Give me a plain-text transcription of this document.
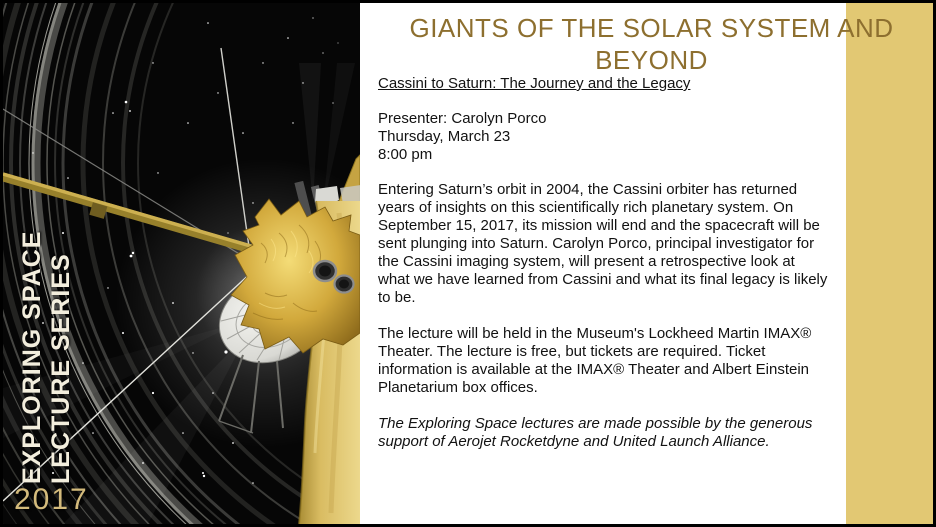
EXPLORING SPACE LECTURE SERIES
2017
GIANTS OF THE SOLAR SYSTEM AND BEYOND

Cassini to Saturn: The Journey and the Legacy

Presenter: Carolyn Porco
Thursday, March 23
8:00 pm

Entering Saturn’s orbit in 2004, the Cassini orbiter has returned years of insights on this scientifically rich planetary system. On September 15, 2017, its mission will end and the spacecraft will be sent plunging into Saturn. Carolyn Porco, principal investigator for the Cassini imaging system, will present a retrospective look at what we have learned from Cassini and what its final legacy is likely to be.

The lecture will be held in the Museum's Lockheed Martin IMAX® Theater. The lecture is free, but tickets are required. Ticket information is available at the IMAX® Theater and Albert Einstein Planetarium box offices.

The Exploring Space lectures are made possible by the generous support of Aerojet Rocketdyne and United Launch Alliance.
